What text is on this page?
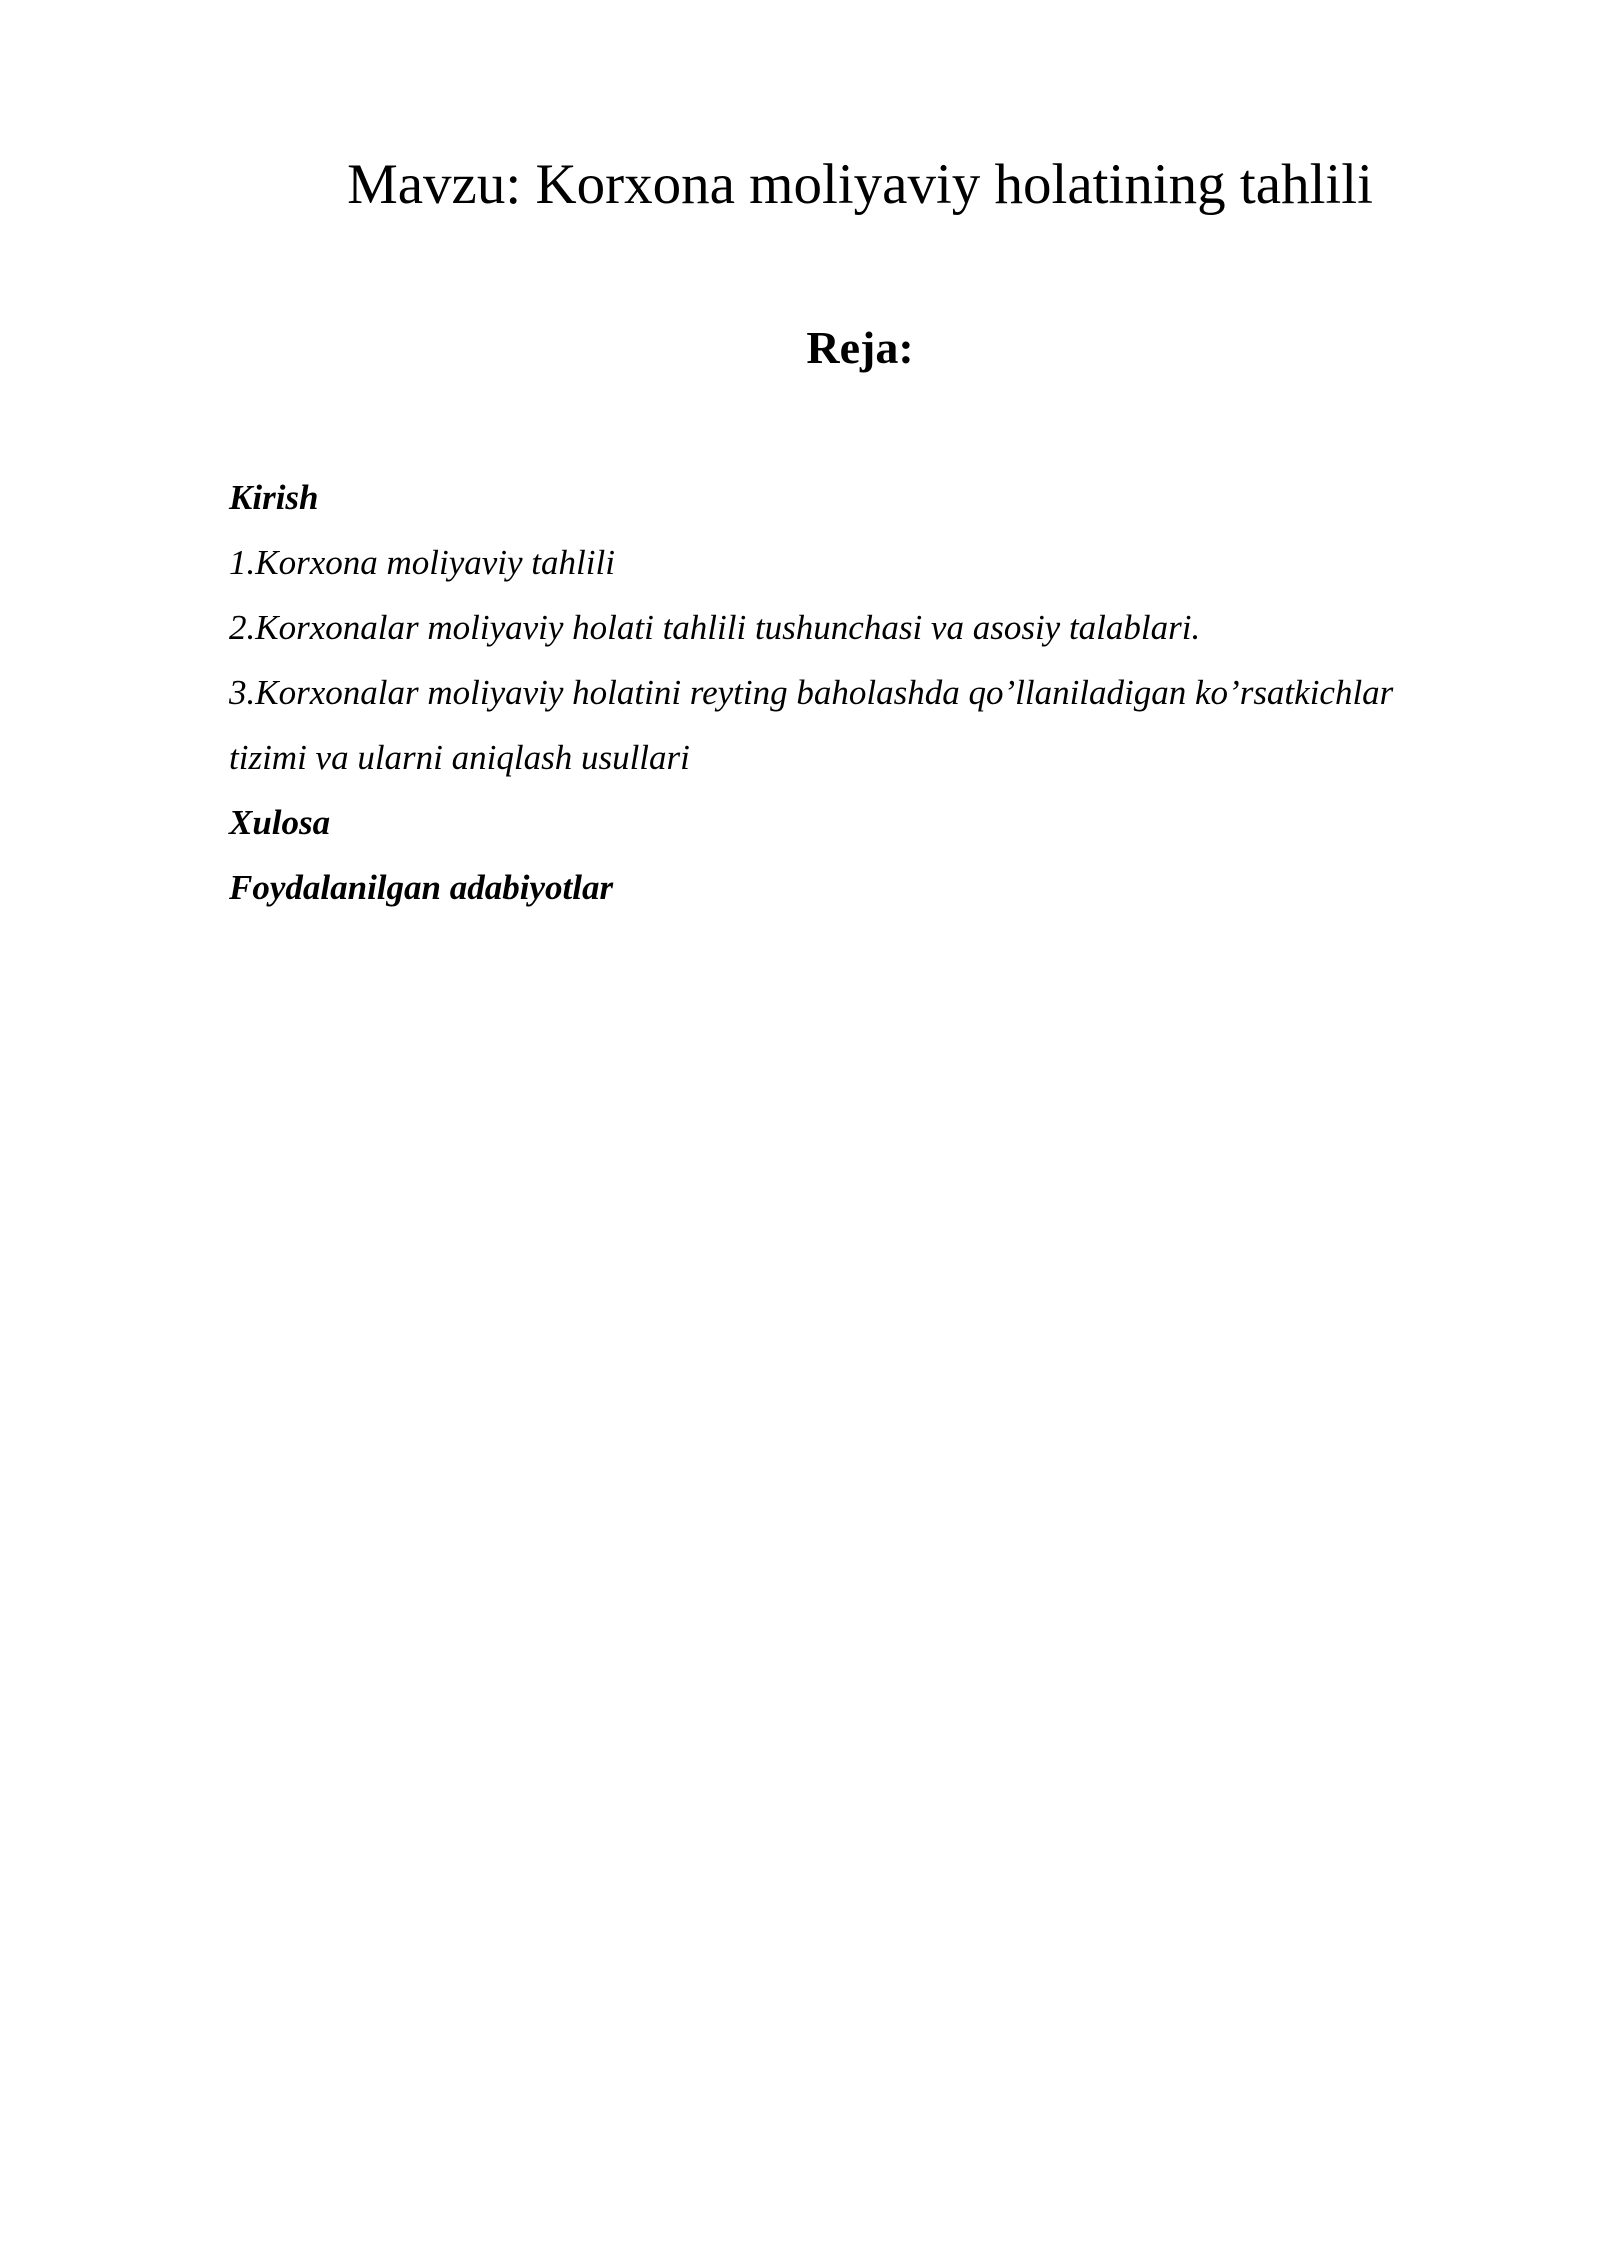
Mavzu: Korxona moliyaviy holatining tahlili
Reja:
Kirish
1.Korxona moliyaviy tahlili
2.Korxonalar moliyaviy holati tahlili tushunchasi va asosiy talablari.
3.Korxonalar moliyaviy holatini reyting baholashda qo’llaniladigan ko’rsatkichlar
tizimi va ularni aniqlash usullari
Xulosa
Foydalanilgan adabiyotlar
